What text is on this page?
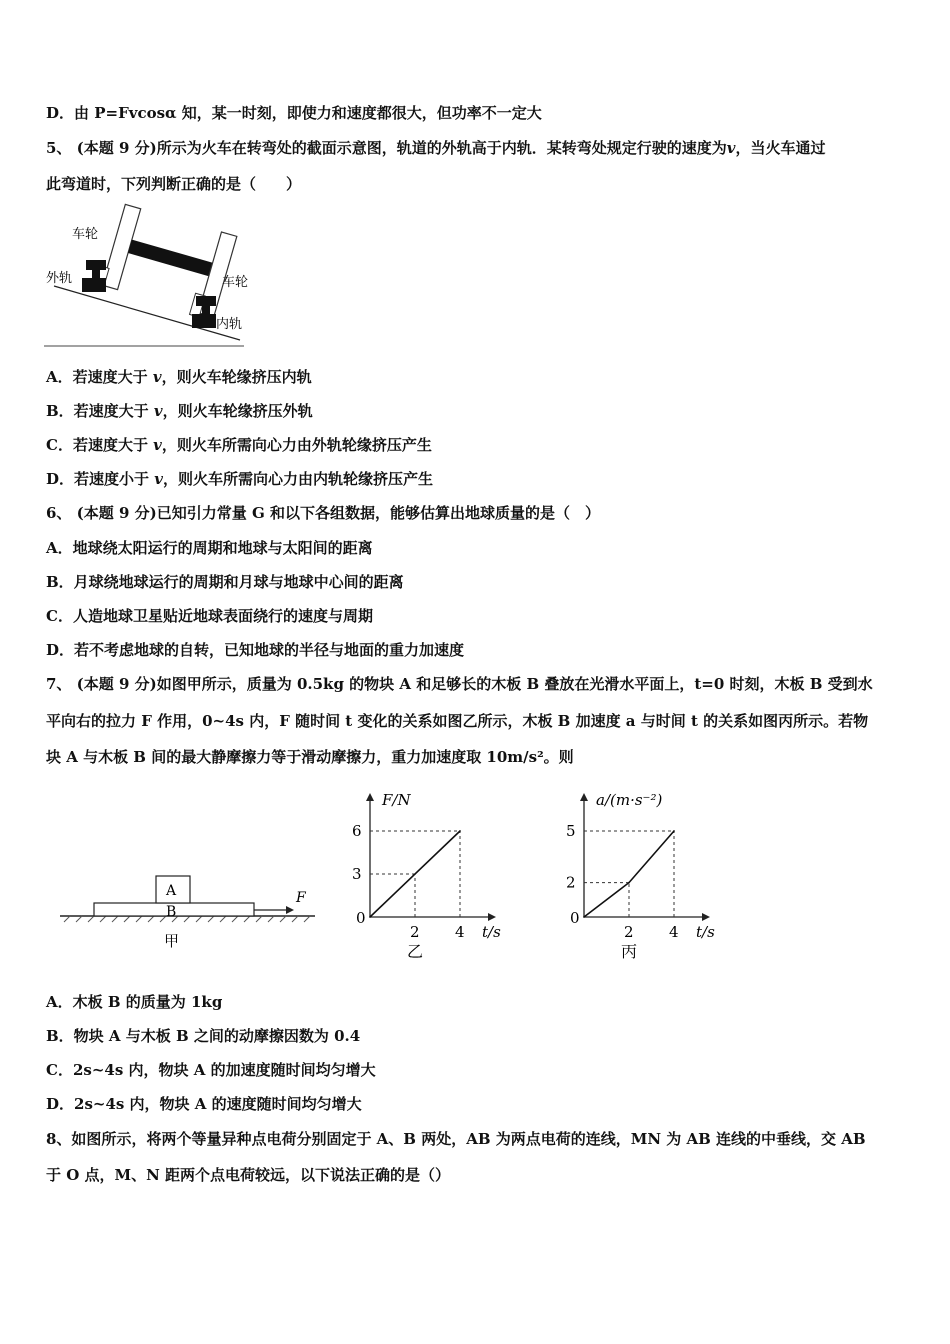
D．由 P=Fvcosα 知，某一时刻，即使力和速度都很大，但功率不一定大
5、 (本题 9 分)所示为火车在转弯处的截面示意图，轨道的外轨高于内轨．某转弯处规定行驶的速度为v，当火车通过
此弯道时，下列判断正确的是（　　）
车轮
外轨	车轮
内轨
A．若速度大于 v，则火车轮缘挤压内轨
B．若速度大于 v，则火车轮缘挤压外轨
C．若速度大于 v，则火车所需向心力由外轨轮缘挤压产生
D．若速度小于 v，则火车所需向心力由内轨轮缘挤压产生
6、 (本题 9 分)已知引力常量 G 和以下各组数据，能够估算出地球质量的是（　）
A．地球绕太阳运行的周期和地球与太阳间的距离
B．月球绕地球运行的周期和月球与地球中心间的距离
C．人造地球卫星贴近地球表面绕行的速度与周期
D．若不考虑地球的自转，已知地球的半径与地面的重力加速度
7、 (本题 9 分)如图甲所示，质量为 0.5kg 的物块 A 和足够长的木板 B 叠放在光滑水平面上，t=0 时刻，木板 B 受到水
平向右的拉力 F 作用，0~4s 内，F 随时间 t 变化的关系如图乙所示，木板 B 加速度 a 与时间 t 的关系如图丙所示。若物
块 A 与木板 B 间的最大静摩擦力等于滑动摩擦力，重力加速度取 10m/s²。则
A
B
F
甲
F/N
t/s
0
3
6
2 4
乙
a/(m·s⁻²)
t/s
0
2
5
2 4
丙
A．木板 B 的质量为 1kg
B．物块 A 与木板 B 之间的动摩擦因数为 0.4
C．2s~4s 内，物块 A 的加速度随时间均匀增大
D．2s~4s 内，物块 A 的速度随时间均匀增大
8、如图所示，将两个等量异种点电荷分别固定于 A、B 两处，AB 为两点电荷的连线，MN 为 AB 连线的中垂线，交 AB
于 O 点，M、N 距两个点电荷较远，以下说法正确的是（）
